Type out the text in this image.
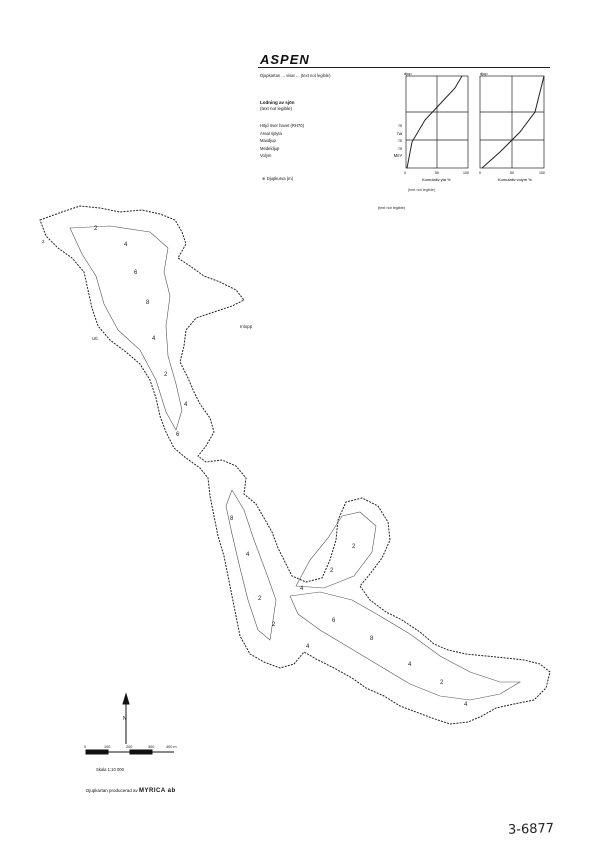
ASPEN
Djupkartan ... visar ... (text not legible)
Lodning av sjön
(text not legible)
Höjd över havet (RH70)	m
Areal sjöyta	ha
Maxdjup	m
Medeldjup	m
Volym	Mm³
⊕ Djupkurva (m)
(text not legible)
(text not legible)
djup	djup
0	50	100	0	50	100
Kumulativ yta %	Kumulativ volym %
2
4
6
8
4
2
4
6
8
4
2
2
4
6
8
4
2
4
2
2
4
2
Inlopp
Utl.
N
0	100	200	300	400 m
Skala 1:10 000
Djupkartan producerad av MYRICA ab
3-6877
